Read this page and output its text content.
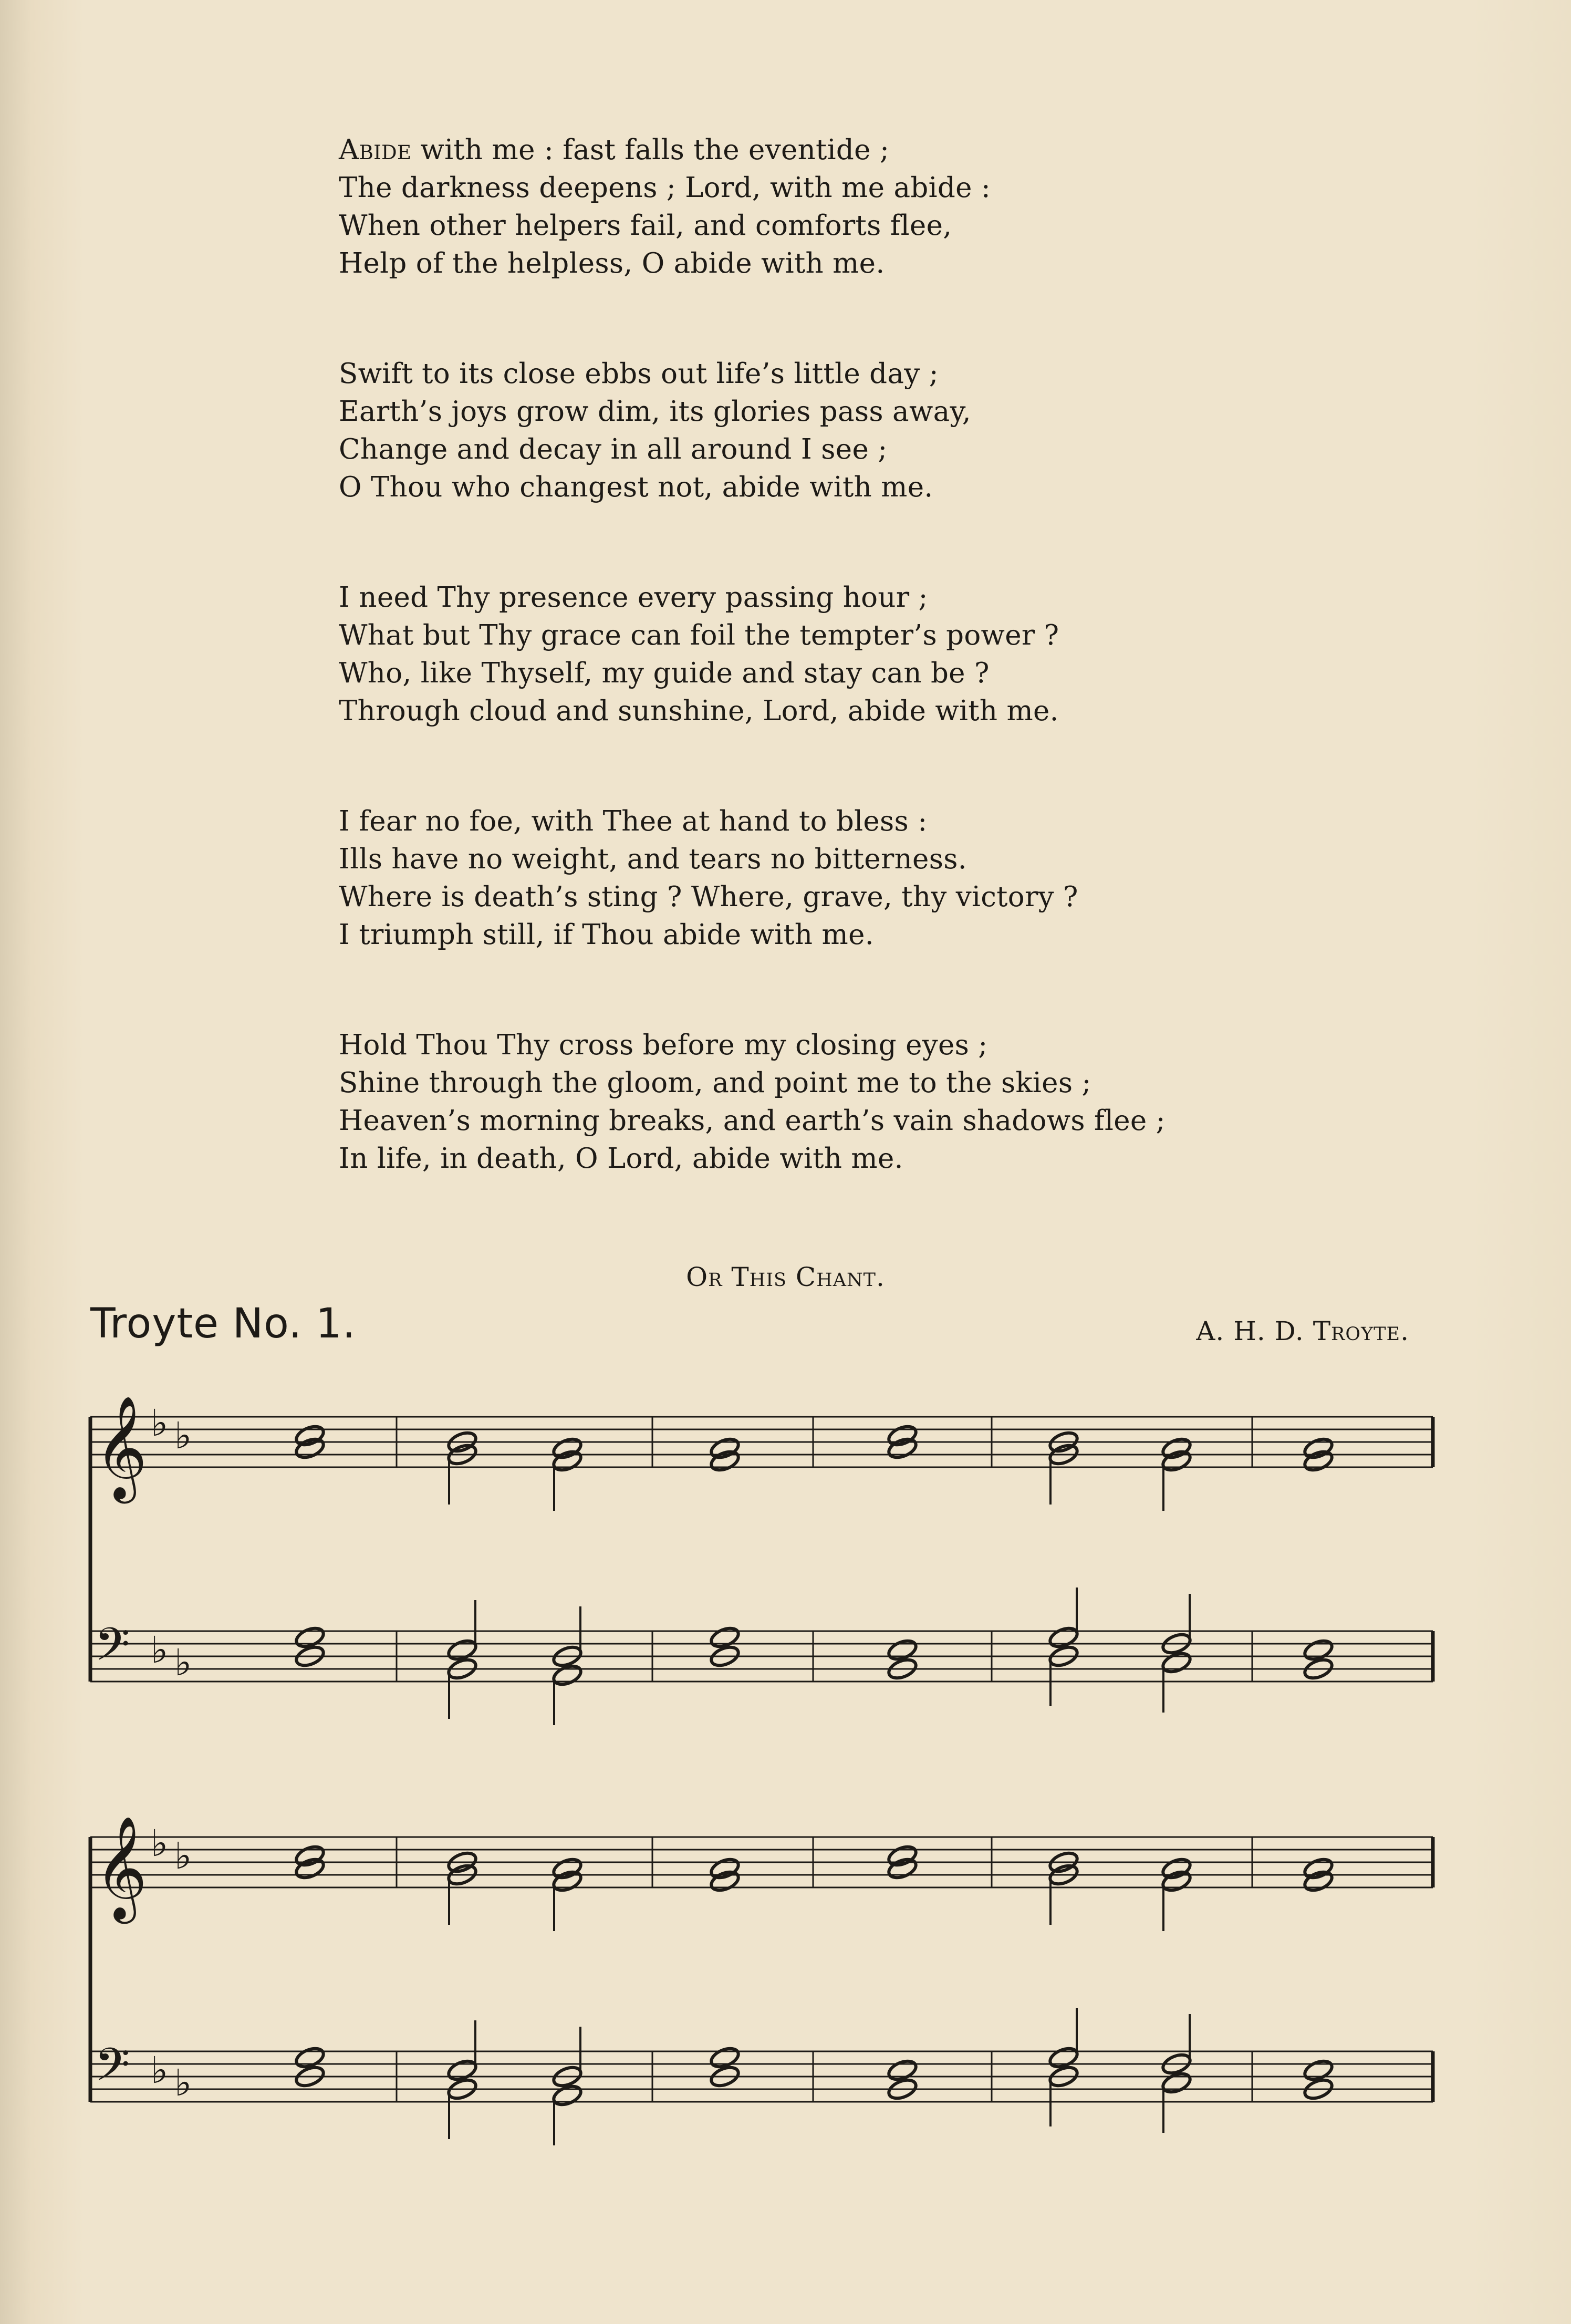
Abide with me : fast falls the eventide ;
The darkness deepens ; Lord, with me abide :
When other helpers fail, and comforts flee,
Help of the helpless, O abide with me.
Swift to its close ebbs out life’s little day ;
Earth’s joys grow dim, its glories pass away,
Change and decay in all around I see ;
O Thou who changest not, abide with me.
I need Thy presence every passing hour ;
What but Thy grace can foil the tempter’s power ?
Who, like Thyself, my guide and stay can be ?
Through cloud and sunshine, Lord, abide with me.
I fear no foe, with Thee at hand to bless :
Ills have no weight, and tears no bitterness.
Where is death’s sting ? Where, grave, thy victory ?
I triumph still, if Thou abide with me.
Hold Thou Thy cross before my closing eyes ;
Shine through the gloom, and point me to the skies ;
Heaven’s morning breaks, and earth’s vain shadows flee ;
In life, in death, O Lord, abide with me.
Or This Chant.
Troyte No. 1.	A. H. D. Troyte.
𝄞 ♭ ♭
𝄢 ♭ ♭
𝄞 ♭ ♭
𝄢 ♭ ♭
